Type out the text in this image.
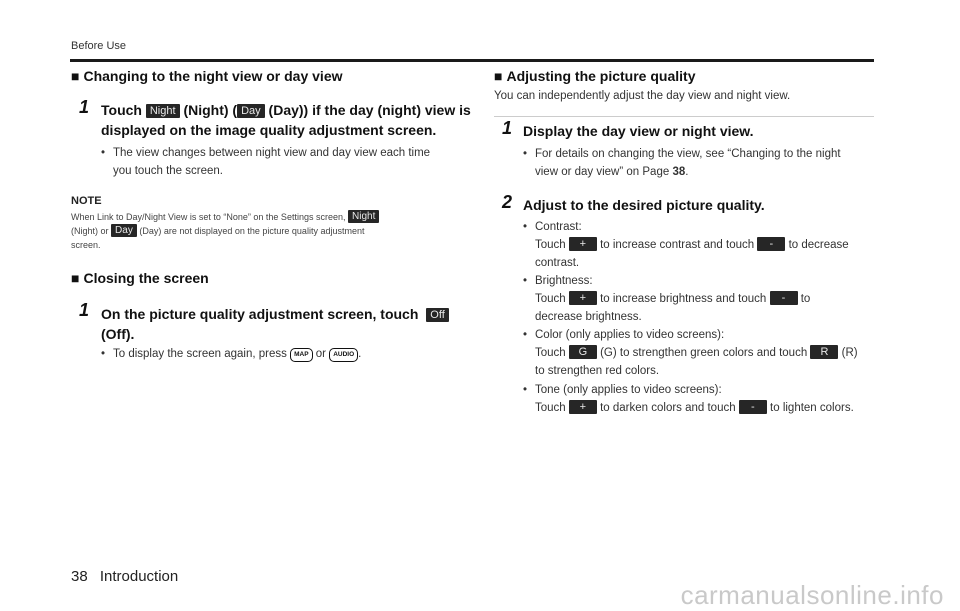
Before Use
■ Changing to the night view or day view
1 Touch Night (Night) ( Day (Day)) if the day (night) view is
displayed on the image quality adjustment screen.
• The view changes between night view and day view each time
you touch the screen.
NOTE
When Link to Day/Night View is set to “None” on the Settings screen, Night
(Night) or Day (Day) are not displayed on the picture quality adjustment
screen.
■ Closing the screen
1 On the picture quality adjustment screen, touch Off
(Off).
• To display the screen again, press MAP or AUDIO .
■ Adjusting the picture quality
You can independently adjust the day view and night view.
1 Display the day view or night view.
• For details on changing the view, see “Changing to the night
view or day view” on Page 38.
2 Adjust to the desired picture quality.
• Contrast:
Touch + to increase contrast and touch - to decrease
contrast.
• Brightness:
Touch + to increase brightness and touch - to
decrease brightness.
• Color (only applies to video screens):
Touch G (G) to strengthen green colors and touch R (R)
to strengthen red colors.
• Tone (only applies to video screens):
Touch + to darken colors and touch - to lighten colors.
38 Introduction
carmanualsonline.info
